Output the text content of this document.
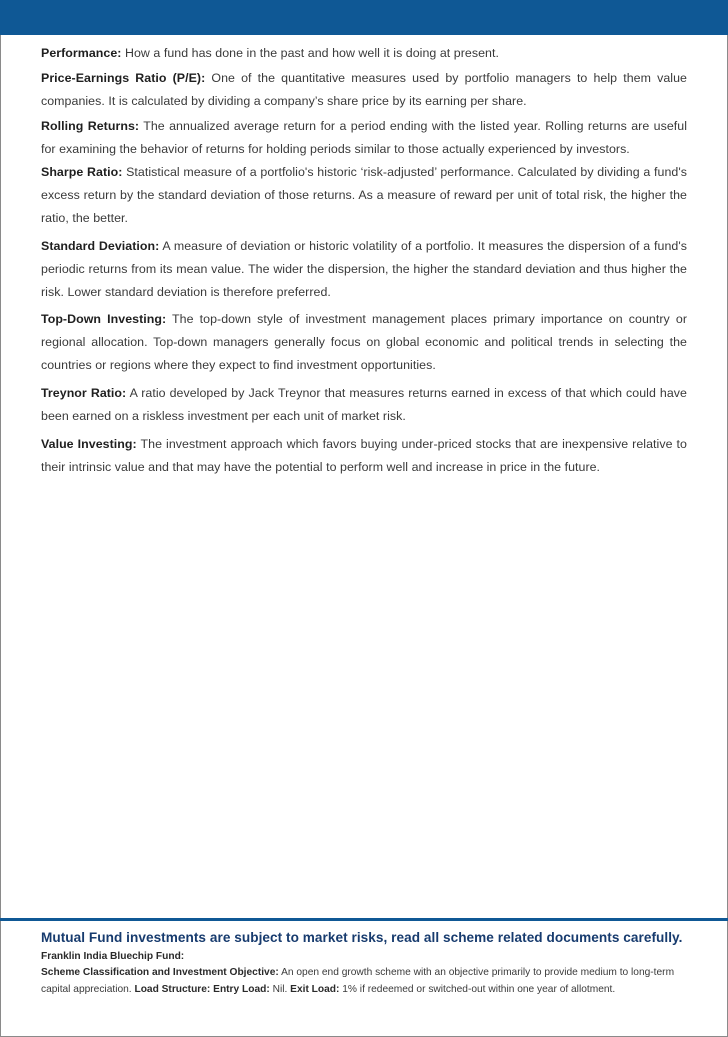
Performance: How a fund has done in the past and how well it is doing at present.

Price-Earnings Ratio (P/E): One of the quantitative measures used by portfolio managers to help them value companies. It is calculated by dividing a company’s share price by its earning per share.

Rolling Returns: The annualized average return for a period ending with the listed year. Rolling returns are useful for examining the behavior of returns for holding periods similar to those actually experienced by investors.

Sharpe Ratio: Statistical measure of a portfolio's historic ‘risk-adjusted’ performance. Calculated by dividing a fund's excess return by the standard deviation of those returns. As a measure of reward per unit of total risk, the higher the ratio, the better.

Standard Deviation: A measure of deviation or historic volatility of a portfolio. It measures the dispersion of a fund's periodic returns from its mean value. The wider the dispersion, the higher the standard deviation and thus higher the risk. Lower standard deviation is therefore preferred.

Top-Down Investing: The top-down style of investment management places primary importance on country or regional allocation. Top-down managers generally focus on global economic and political trends in selecting the countries or regions where they expect to find investment opportunities.

Treynor Ratio: A ratio developed by Jack Treynor that measures returns earned in excess of that which could have been earned on a riskless investment per each unit of market risk.

Value Investing: The investment approach which favors buying under-priced stocks that are inexpensive relative to their intrinsic value and that may have the potential to perform well and increase in price in the future.

Mutual Fund investments are subject to market risks, read all scheme related documents carefully.

Franklin India Bluechip Fund:

Scheme Classification and Investment Objective: An open end growth scheme with an objective primarily to provide medium to long-term capital appreciation. Load Structure: Entry Load: Nil. Exit Load: 1% if redeemed or switched-out within one year of allotment.
